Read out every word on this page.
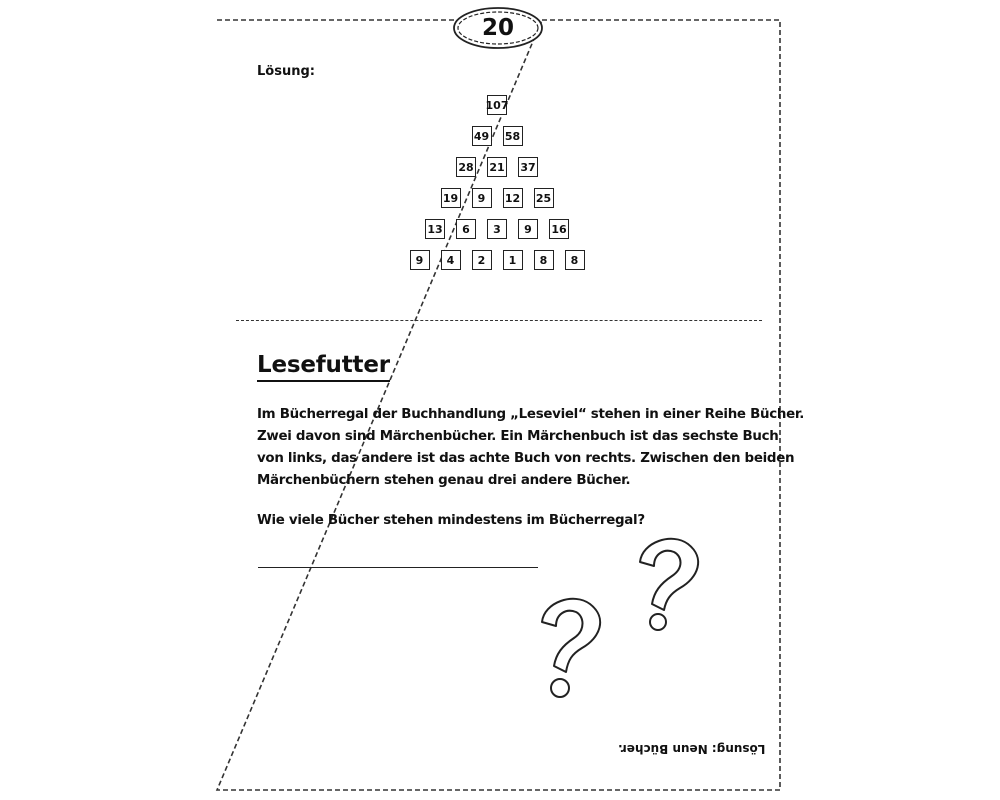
20
Lösung:
107
49 58
28 21 37
19	9	12 25
13	6	3	9	16
9	4	2	1	8	8
Lesefutter

Im Bücherregal der Buchhandlung „Leseviel“ stehen in einer Reihe Bücher.

Zwei davon sind Märchenbücher. Ein Märchenbuch ist das sechste Buch

von links, das andere ist das achte Buch von rechts. Zwischen den beiden

Märchenbüchern stehen genau drei andere Bücher.

Wie viele Bücher stehen mindestens im Bücherregal?
Lösung: Neun Bücher.
